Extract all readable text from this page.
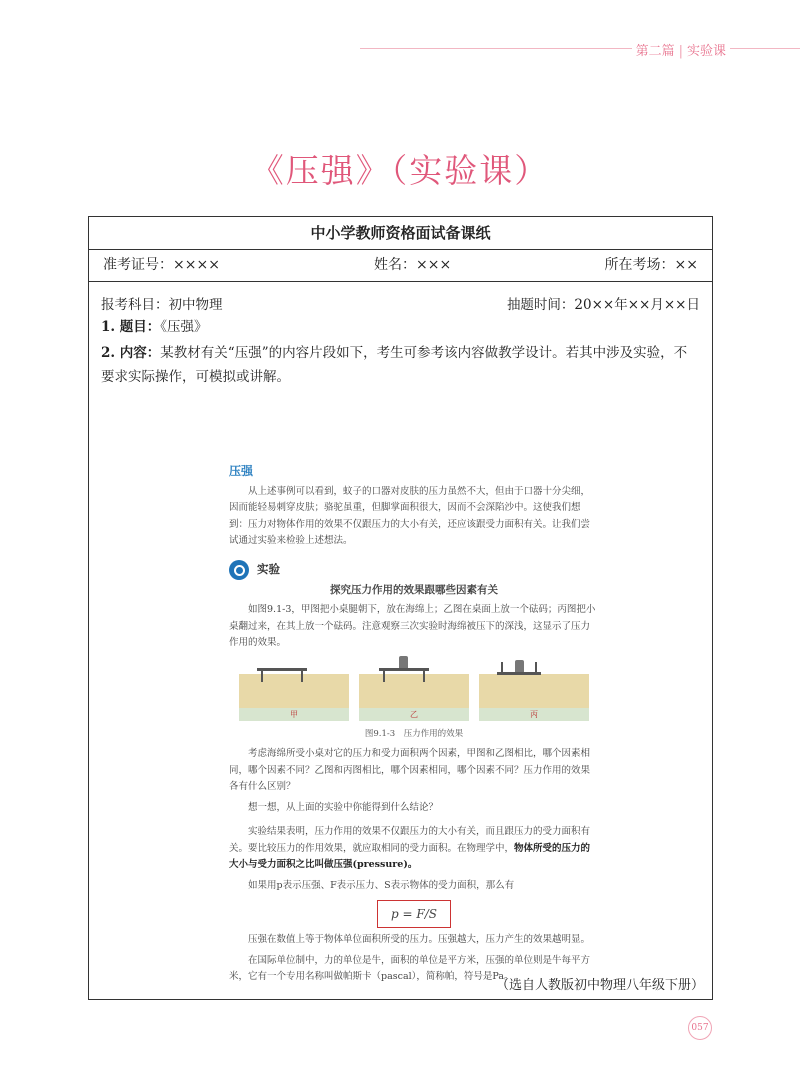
第二篇 | 实验课
《压强》（实验课）
中小学教师资格面试备课纸
准考证号：××××	姓名：×××	所在考场：××
报考科目：初中物理	抽题时间：20××年××月××日
1. 题目：《压强》
2. 内容：某教材有关“压强”的内容片段如下，考生可参考该内容做教学设计。若其中涉及实验，不要求实际操作，可模拟或讲解。
压强
从上述事例可以看到，蚊子的口器对皮肤的压力虽然不大，但由于口器十分尖细，因而能轻易刺穿皮肤；骆驼虽重，但脚掌面积很大，因而不会深陷沙中。这使我们想到：压力对物体作用的效果不仅跟压力的大小有关，还应该跟受力面积有关。让我们尝试通过实验来检验上述想法。
实验
探究压力作用的效果跟哪些因素有关
如图9.1-3，甲图把小桌腿朝下，放在海绵上；乙图在桌面上放一个砝码；丙图把小桌翻过来，在其上放一个砝码。注意观察三次实验时海绵被压下的深浅，这显示了压力作用的效果。
甲	乙	丙
图9.1-3　压力作用的效果
考虑海绵所受小桌对它的压力和受力面积两个因素，甲图和乙图相比，哪个因素相同，哪个因素不同？乙图和丙图相比，哪个因素相同，哪个因素不同？压力作用的效果各有什么区别？
想一想，从上面的实验中你能得到什么结论？
实验结果表明，压力作用的效果不仅跟压力的大小有关，而且跟压力的受力面积有关。要比较压力的作用效果，就应取相同的受力面积。在物理学中，物体所受的压力的大小与受力面积之比叫做压强(pressure)。
如果用p表示压强、F表示压力、S表示物体的受力面积，那么有
p = F/S
压强在数值上等于物体单位面积所受的压力。压强越大，压力产生的效果越明显。
在国际单位制中，力的单位是牛，面积的单位是平方米，压强的单位则是牛每平方米，它有一个专用名称叫做帕斯卡（pascal），简称帕，符号是Pa。
（选自人教版初中物理八年级下册）
057
